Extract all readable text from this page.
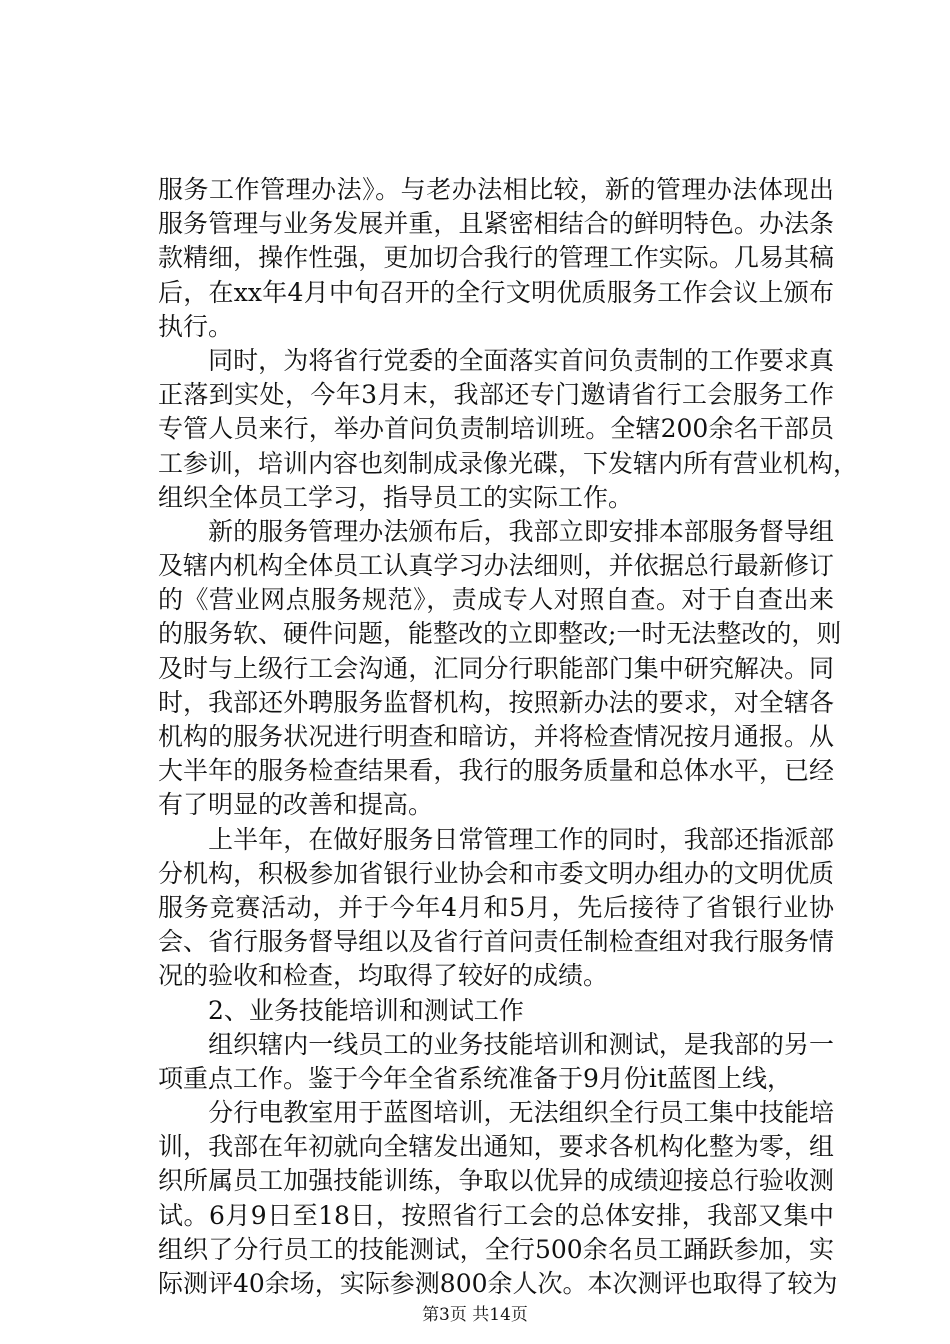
服务工作管理办法》。与老办法相比较，新的管理办法体现出
服务管理与业务发展并重，且紧密相结合的鲜明特色。办法条
款精细，操作性强，更加切合我行的管理工作实际。几易其稿
后，在xx年4月中旬召开的全行文明优质服务工作会议上颁布
执行。
　　同时，为将省行党委的全面落实首问负责制的工作要求真
正落到实处，今年3月末，我部还专门邀请省行工会服务工作
专管人员来行，举办首问负责制培训班。全辖200余名干部员
工参训，培训内容也刻制成录像光碟，下发辖内所有营业机构，
组织全体员工学习，指导员工的实际工作。
　　新的服务管理办法颁布后，我部立即安排本部服务督导组
及辖内机构全体员工认真学习办法细则，并依据总行最新修订
的《营业网点服务规范》，责成专人对照自查。对于自查出来
的服务软、硬件问题，能整改的立即整改;一时无法整改的，则
及时与上级行工会沟通，汇同分行职能部门集中研究解决。同
时，我部还外聘服务监督机构，按照新办法的要求，对全辖各
机构的服务状况进行明查和暗访，并将检查情况按月通报。从
大半年的服务检查结果看，我行的服务质量和总体水平，已经
有了明显的改善和提高。
　　上半年，在做好服务日常管理工作的同时，我部还指派部
分机构，积极参加省银行业协会和市委文明办组办的文明优质
服务竞赛活动，并于今年4月和5月，先后接待了省银行业协
会、省行服务督导组以及省行首问责任制检查组对我行服务情
况的验收和检查，均取得了较好的成绩。
　　2、业务技能培训和测试工作
　　组织辖内一线员工的业务技能培训和测试，是我部的另一
项重点工作。鉴于今年全省系统准备于9月份it蓝图上线，
　　分行电教室用于蓝图培训，无法组织全行员工集中技能培
训，我部在年初就向全辖发出通知，要求各机构化整为零，组
织所属员工加强技能训练，争取以优异的成绩迎接总行验收测
试。6月9日至18日，按照省行工会的总体安排，我部又集中
组织了分行员工的技能测试，全行500余名员工踊跃参加，实
际测评40余场，实际参测800余人次。本次测评也取得了较为
第3页 共14页
